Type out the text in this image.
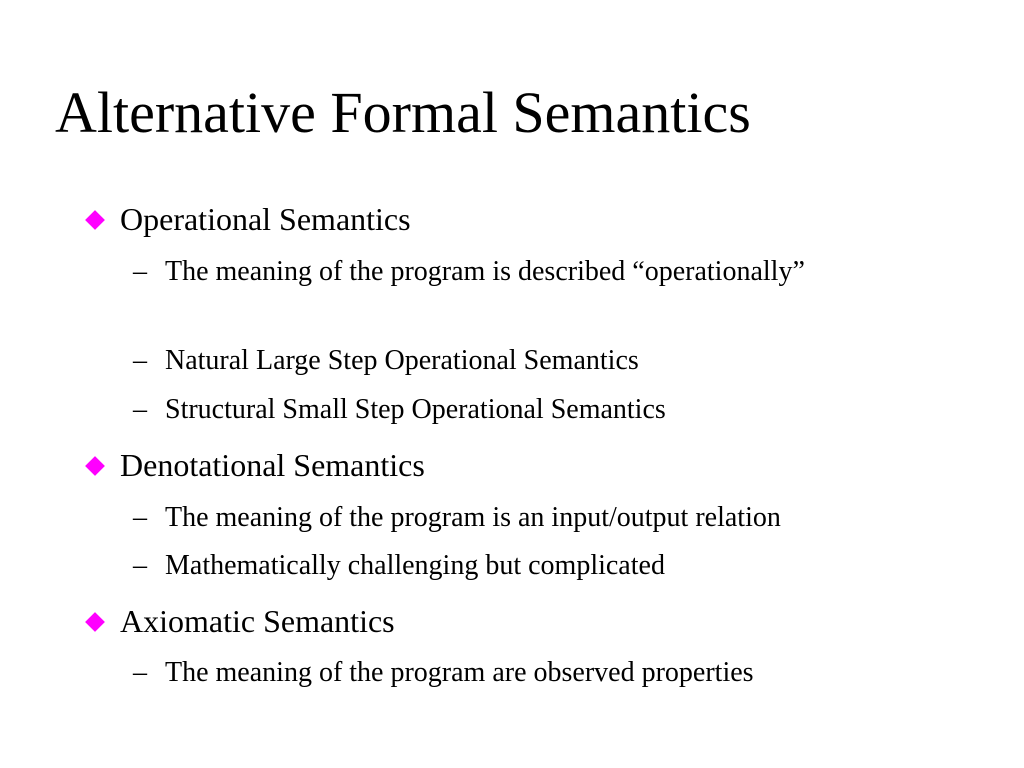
Alternative Formal Semantics
Operational Semantics
– The meaning of the program is described “operationally”
– Natural Large Step Operational Semantics
– Structural Small Step Operational Semantics
Denotational Semantics
– The meaning of the program is an input/output relation
– Mathematically challenging but complicated
Axiomatic Semantics
– The meaning of the program are observed properties
